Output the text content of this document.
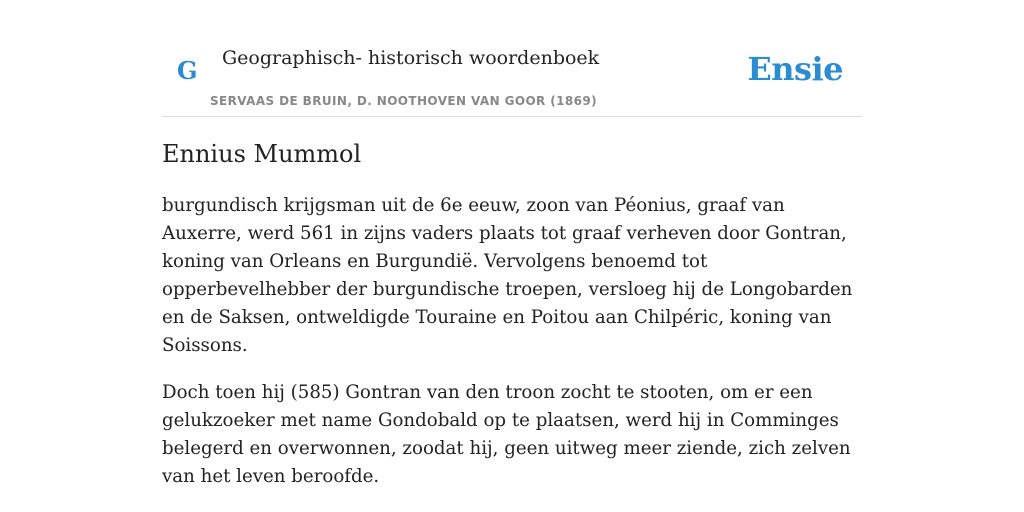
G Geographisch- historisch woordenboek
SERVAAS DE BRUIN, D. NOOTHOVEN VAN GOOR (1869)
Ensie
Ennius Mummol

burgundisch krijgsman uit de 6e eeuw, zoon van Péonius, graaf van Auxerre, werd 561 in zijns vaders plaats tot graaf verheven door Gontran, koning van Orleans en Burgundië. Vervolgens benoemd tot opperbevelhebber der burgundische troepen, versloeg hij de Longobarden en de Saksen, ontweldigde Touraine en Poitou aan Chilpéric, koning van Soissons.

Doch toen hij (585) Gontran van den troon zocht te stooten, om er een gelukzoeker met name Gondobald op te plaatsen, werd hij in Comminges belegerd en overwonnen, zoodat hij, geen uitweg meer ziende, zich zelven van het leven beroofde.
